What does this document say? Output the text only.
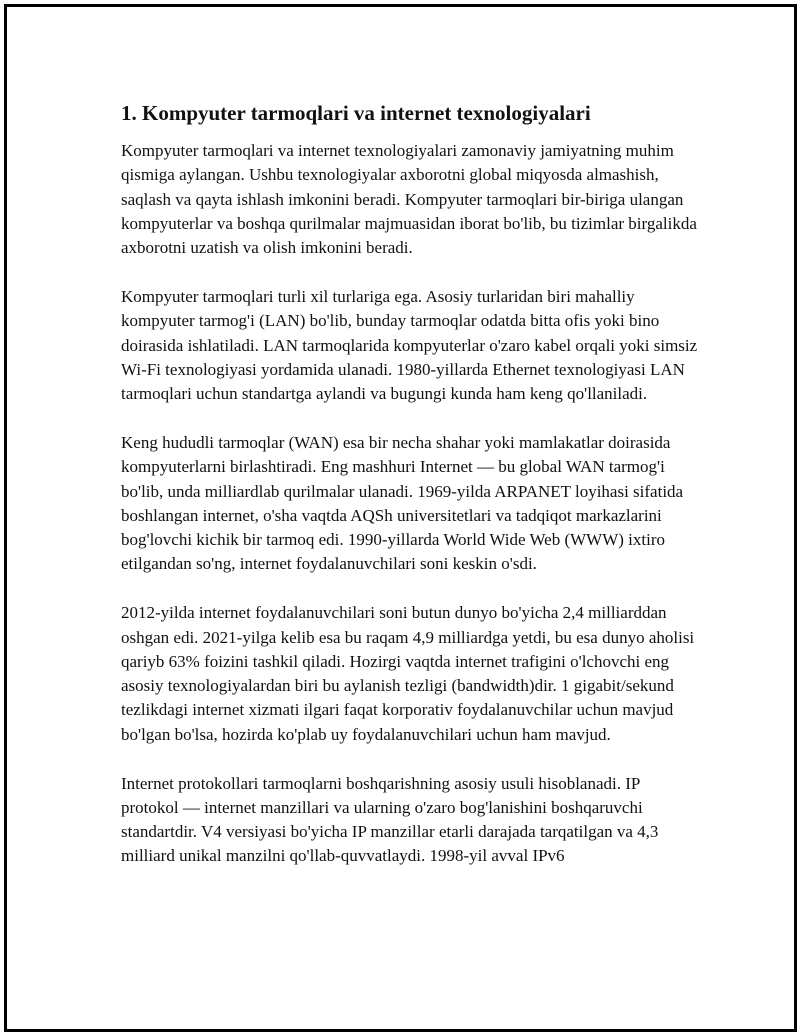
1. Kompyuter tarmoqlari va internet texnologiyalari

Kompyuter tarmoqlari va internet texnologiyalari zamonaviy jamiyatning muhim qismiga aylangan. Ushbu texnologiyalar axborotni global miqyosda almashish, saqlash va qayta ishlash imkonini beradi. Kompyuter tarmoqlari bir-biriga ulangan kompyuterlar va boshqa qurilmalar majmuasidan iborat bo'lib, bu tizimlar birgalikda axborotni uzatish va olish imkonini beradi.

Kompyuter tarmoqlari turli xil turlariga ega. Asosiy turlaridan biri mahalliy kompyuter tarmog'i (LAN) bo'lib, bunday tarmoqlar odatda bitta ofis yoki bino doirasida ishlatiladi. LAN tarmoqlarida kompyuterlar o'zaro kabel orqali yoki simsiz Wi-Fi texnologiyasi yordamida ulanadi. 1980-yillarda Ethernet texnologiyasi LAN tarmoqlari uchun standartga aylandi va bugungi kunda ham keng qo'llaniladi.

Keng hududli tarmoqlar (WAN) esa bir necha shahar yoki mamlakatlar doirasida kompyuterlarni birlashtiradi. Eng mashhuri Internet — bu global WAN tarmog'i bo'lib, unda milliardlab qurilmalar ulanadi. 1969-yilda ARPANET loyihasi sifatida boshlangan internet, o'sha vaqtda AQSh universitetlari va tadqiqot markazlarini bog'lovchi kichik bir tarmoq edi. 1990-yillarda World Wide Web (WWW) ixtiro etilgandan so'ng, internet foydalanuvchilari soni keskin o'sdi.

2012-yilda internet foydalanuvchilari soni butun dunyo bo'yicha 2,4 milliarddan oshgan edi. 2021-yilga kelib esa bu raqam 4,9 milliardga yetdi, bu esa dunyo aholisi qariyb 63% foizini tashkil qiladi. Hozirgi vaqtda internet trafigini o'lchovchi eng asosiy texnologiyalardan biri bu aylanish tezligi (bandwidth)dir. 1 gigabit/sekund tezlikdagi internet xizmati ilgari faqat korporativ foydalanuvchilar uchun mavjud bo'lgan bo'lsa, hozirda ko'plab uy foydalanuvchilari uchun ham mavjud.

Internet protokollari tarmoqlarni boshqarishning asosiy usuli hisoblanadi. IP protokol — internet manzillari va ularning o'zaro bog'lanishini boshqaruvchi standartdir. V4 versiyasi bo'yicha IP manzillar etarli darajada tarqatilgan va 4,3 milliard unikal manzilni qo'llab-quvvatlaydi. 1998-yil avval IPv6
